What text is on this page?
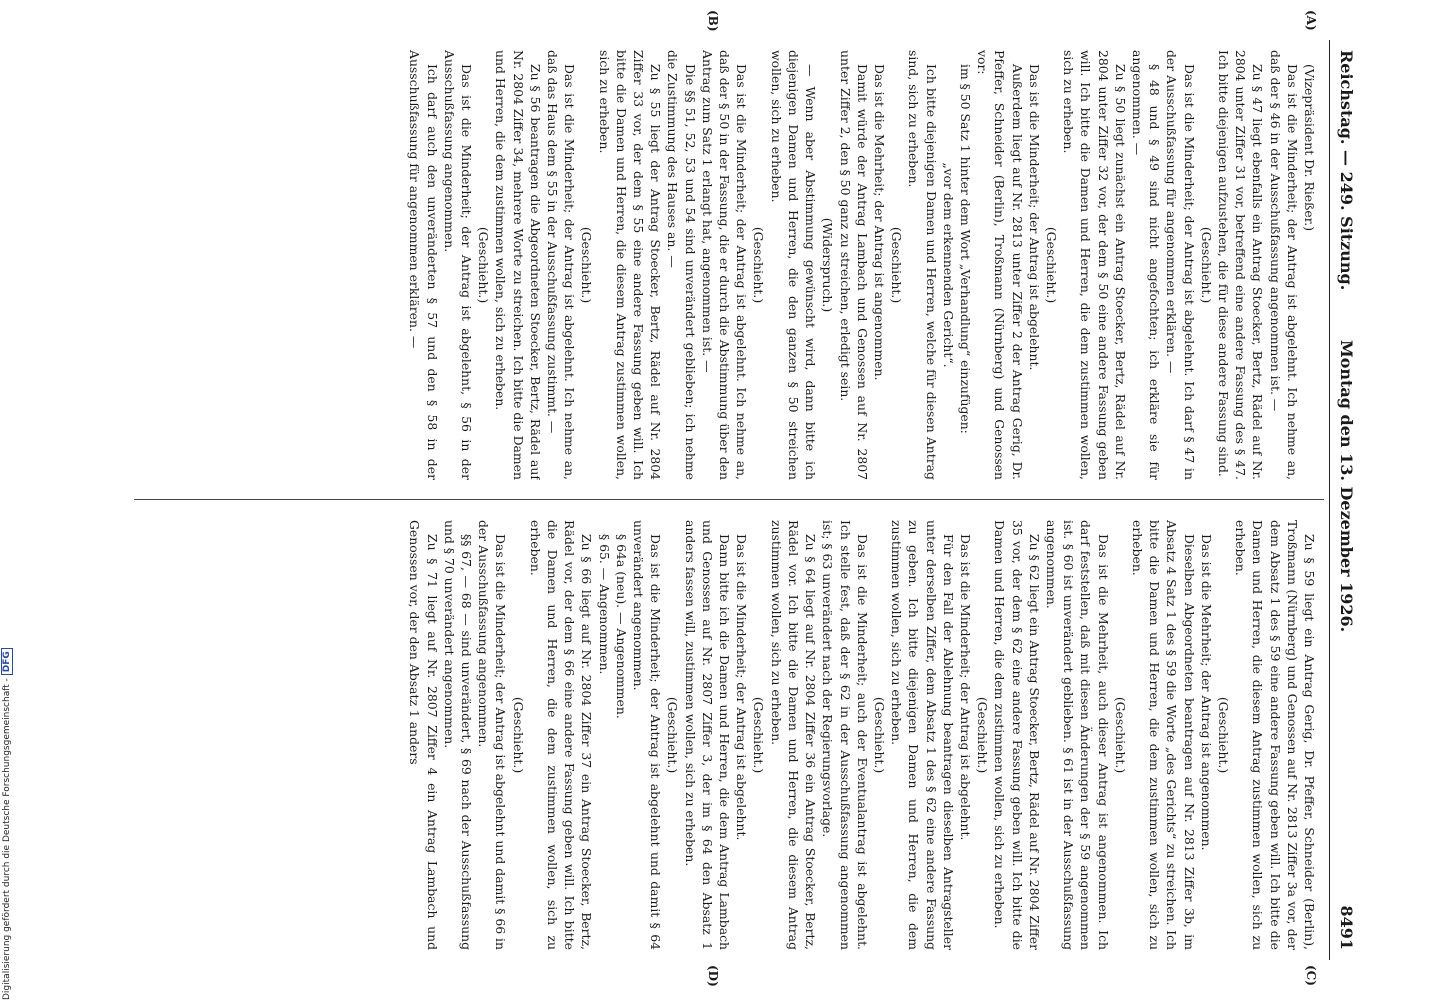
Reichstag. — 249. Sitzung.
Montag den 13. Dezember 1926.
8491
(A)
(B)
(C)
(D)

(Vizepräsident Dr. Rießer.)

Das ist die Minderheit; der Antrag ist abgelehnt. Ich nehme an, daß der § 46 in der Ausschußfassung angenommen ist. —

Zu § 47 liegt ebenfalls ein Antrag Stoecker, Bertz, Rädel auf Nr. 2804 unter Ziffer 31 vor, betreffend eine andere Fassung des § 47. Ich bitte diejenigen aufzustehen, die für diese andere Fassung sind.

(Geschieht.)

Das ist die Minderheit; der Antrag ist abgelehnt. Ich darf § 47 in der Ausschußfassung für angenommen erklären. —

§ 48 und § 49 sind nicht angefochten; ich erkläre sie für angenommen. —

Zu § 50 liegt zunächst ein Antrag Stoecker, Bertz, Rädel auf Nr. 2804 unter Ziffer 32 vor, der dem § 50 eine andere Fassung geben will. Ich bitte die Damen und Herren, die dem zustimmen wollen, sich zu erheben.

(Geschieht.)

Das ist die Minderheit; der Antrag ist abgelehnt.

Außerdem liegt auf Nr. 2813 unter Ziffer 2 der Antrag Gerig, Dr. Pfeffer, Schneider (Berlin), Troßmann (Nürnberg) und Genossen vor:

im § 50 Satz 1 hinter dem Wort „Verhandlung“ einzufügen:

„vor dem erkennenden Gericht“.

Ich bitte diejenigen Damen und Herren, welche für diesen Antrag sind, sich zu erheben.

(Geschieht.)

Das ist die Mehrheit; der Antrag ist angenommen.

Damit würde der Antrag Lambach und Genossen auf Nr. 2807 unter Ziffer 2, den § 50 ganz zu streichen, erledigt sein.

(Widerspruch.)

— Wenn aber Abstimmung gewünscht wird, dann bitte ich diejenigen Damen und Herren, die den ganzen § 50 streichen wollen, sich zu erheben.

(Geschieht.)

Das ist die Minderheit; der Antrag ist abgelehnt. Ich nehme an, daß der § 50 in der Fassung, die er durch die Abstimmung über den Antrag zum Satz 1 erlangt hat, angenommen ist. —

Die §§ 51, 52, 53 und 54 sind unverändert geblieben; ich nehme die Zustimmung des Hauses an. —

Zu § 55 liegt der Antrag Stoecker, Bertz, Rädel auf Nr. 2804 Ziffer 33 vor, der dem § 55 eine andere Fassung geben will. Ich bitte die Damen und Herren, die diesem Antrag zustimmen wollen, sich zu erheben.

(Geschieht.)

Das ist die Minderheit; der Antrag ist abgelehnt. Ich nehme an, daß das Haus dem § 55 in der Ausschußfassung zustimmt. —

Zu § 56 beantragen die Abgeordneten Stoecker, Bertz, Rädel auf Nr. 2804 Ziffer 34, mehrere Worte zu streichen. Ich bitte die Damen und Herren, die dem zustimmen wollen, sich zu erheben.

(Geschieht.)

Das ist die Minderheit; der Antrag ist abgelehnt, § 56 in der Ausschußfassung angenommen.

Ich darf auch den unveränderten § 57 und den § 58 in der Ausschußfassung für angenommen erklären. —

Zu § 59 liegt ein Antrag Gerig, Dr. Pfeffer, Schneider (Berlin), Troßmann (Nürnberg) und Genossen auf Nr. 2813 Ziffer 3a vor, der dem Absatz 1 des § 59 eine andere Fassung geben will. Ich bitte die Damen und Herren, die diesem Antrag zustimmen wollen, sich zu erheben.

(Geschieht.)

Das ist die Mehrheit; der Antrag ist angenommen.

Dieselben Abgeordneten beantragen auf Nr. 2813 Ziffer 3b, im Absatz 4 Satz 1 des § 59 die Worte „des Gerichts“ zu streichen. Ich bitte die Damen und Herren, die dem zustimmen wollen, sich zu erheben.

(Geschieht.)

Das ist die Mehrheit, auch dieser Antrag ist angenommen. Ich darf feststellen, daß mit diesen Änderungen der § 59 angenommen ist. § 60 ist unverändert geblieben. § 61 ist in der Ausschußfassung angenommen.

Zu § 62 liegt ein Antrag Stoecker, Bertz, Rädel auf Nr. 2804 Ziffer 35 vor, der dem § 62 eine andere Fassung geben will. Ich bitte die Damen und Herren, die dem zustimmen wollen, sich zu erheben.

(Geschieht.)

Das ist die Minderheit; der Antrag ist abgelehnt.

Für den Fall der Ablehnung beantragen dieselben Antragsteller unter derselben Ziffer, dem Absatz 1 des § 62 eine andere Fassung zu geben. Ich bitte diejenigen Damen und Herren, die dem zustimmen wollen, sich zu erheben.

(Geschieht.)

Das ist die Minderheit; auch der Eventualantrag ist abgelehnt. Ich stelle fest, daß der § 62 in der Ausschußfassung angenommen ist; § 63 unverändert nach der Regierungsvorlage.

Zu § 64 liegt auf Nr. 2804 Ziffer 36 ein Antrag Stoecker, Bertz, Rädel vor. Ich bitte die Damen und Herren, die diesem Antrag zustimmen wollen, sich zu erheben.

(Geschieht.)

Das ist die Minderheit; der Antrag ist abgelehnt.

Dann bitte ich die Damen und Herren, die dem Antrag Lambach und Genossen auf Nr. 2807 Ziffer 3, der im § 64 den Absatz 1 anders fassen will, zustimmen wollen, sich zu erheben.

(Geschieht.)

Das ist die Minderheit; der Antrag ist abgelehnt und damit § 64 unverändert angenommen.

§ 64a (neu). — Angenommen.

§ 65. — Angenommen.

Zu § 66 liegt auf Nr. 2804 Ziffer 37 ein Antrag Stoecker, Bertz, Rädel vor, der dem § 66 eine andere Fassung geben will. Ich bitte die Damen und Herren, die dem zustimmen wollen, sich zu erheben.

(Geschieht.)

Das ist die Minderheit; der Antrag ist abgelehnt und damit § 66 in der Ausschußfassung angenommen.

§§ 67, — 68 — sind unverändert, § 69 nach der Ausschußfassung und § 70 unverändert angenommen.

Zu § 71 liegt auf Nr. 2807 Ziffer 4 ein Antrag Lambach und Genossen vor, der den Absatz 1 anders

Digitalisierung gefördert durch die Deutsche Forschungsgemeinschaft - DFG
